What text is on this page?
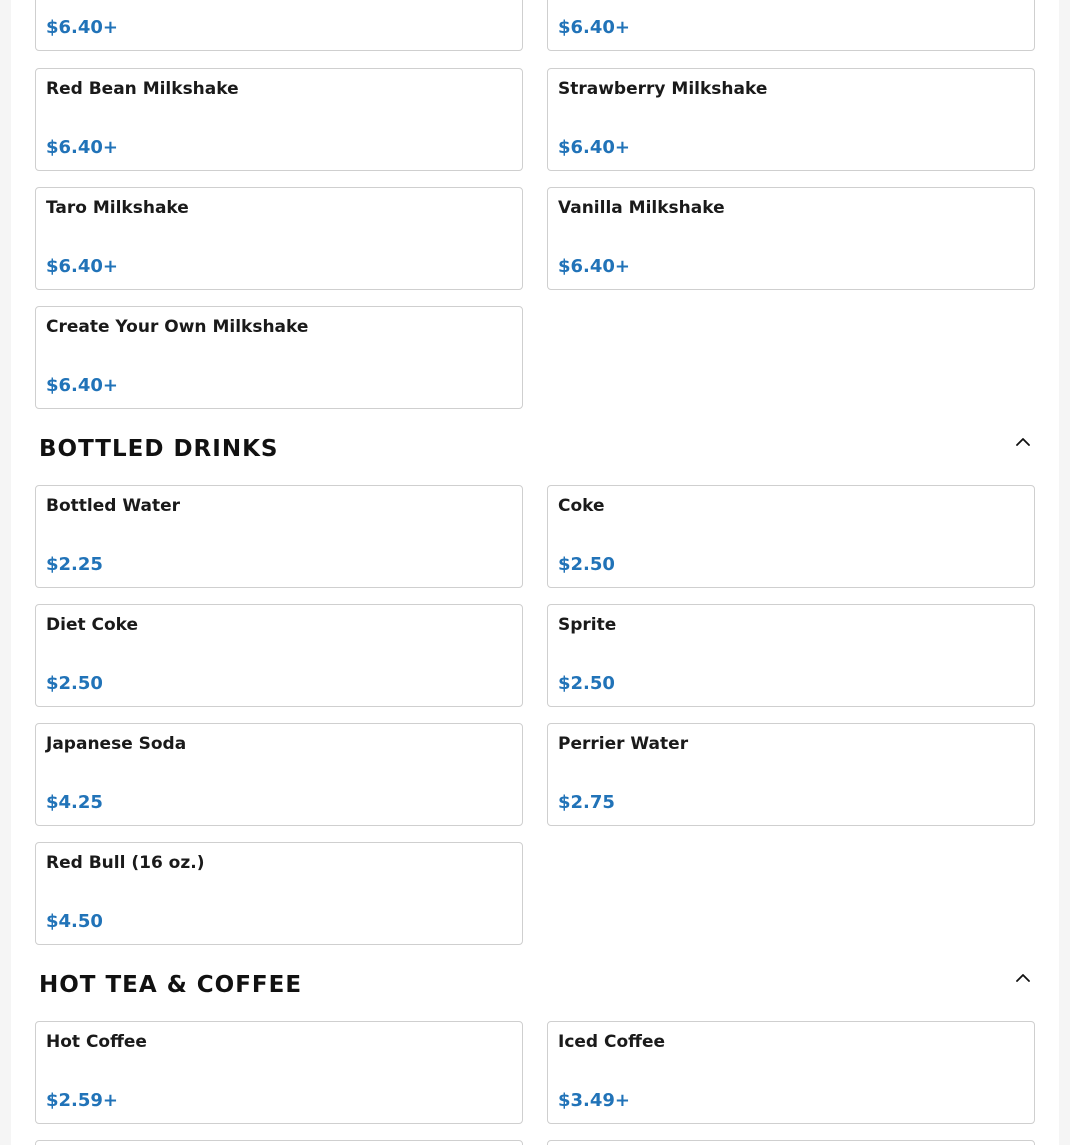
$6.40+	$6.40+
Red Bean Milkshake
$6.40+
Strawberry Milkshake
$6.40+
Taro Milkshake
$6.40+
Vanilla Milkshake
$6.40+
Create Your Own Milkshake
$6.40+
BOTTLED DRINKS
Bottled Water
$2.25
Coke
$2.50
Diet Coke
$2.50
Sprite
$2.50
Japanese Soda
$4.25
Perrier Water
$2.75
Red Bull (16 oz.)
$4.50
HOT TEA & COFFEE
Hot Coffee
$2.59+
Iced Coffee
$3.49+
